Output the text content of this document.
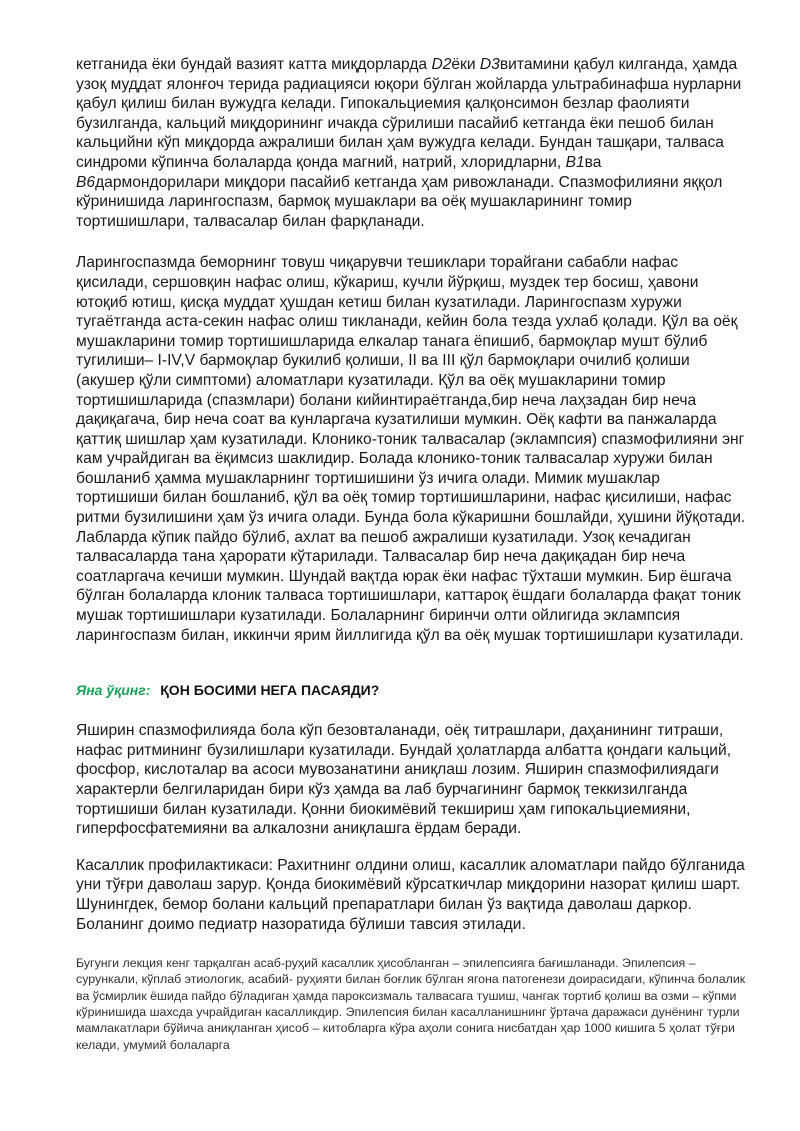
кетганида ёки бундай вазият катта миқдорларда D2ёки D3витамини қабул килганда, ҳамда узоқ муддат ялонғоч терида радиацияси юқори бўлган жойларда ультрабинафша нурларни қабул қилиш билан вужудга келади. Гипокальциемия қалқонсимон безлар фаолияти бузилганда, кальций миқдорининг ичакда сўрилиши пасайиб кетганда ёки пешоб билан кальцийни кўп миқдорда ажралиши билан ҳам вужудга келади. Бундан ташқари, талваса синдроми кўпинча болаларда қонда магний, натрий, хлоридларни, B1ва B6дармондорилари миқдори пасайиб кетганда ҳам ривожланади. Спазмофилияни яққол кўринишида ларингоспазм, бармоқ мушаклари ва оёқ мушакларининг томир тортишишлари, талвасалар билан фарқланади.

Ларингоспазмда беморнинг товуш чиқарувчи тешиклари торайгани сабабли нафас қисилади, сершовқин нафас олиш, кўкариш, кучли йўрқиш, муздек тер босиш, ҳавони ютоқиб ютиш, қисқа муддат ҳушдан кетиш билан кузатилади. Ларингоспазм хуружи тугаётганда аста-секин нафас олиш тикланади, кейин бола тезда ухлаб қолади. Қўл ва оёқ мушакларини томир тортишишларида елкалар танага ёпишиб, бармоқлар мушт бўлиб тугилиши– I-IV,V бармоқлар букилиб қолиши, II ва III қўл бармоқлари очилиб қолиши (акушер қўли симптоми) аломатлари кузатилади. Қўл ва оёқ мушакларини томир тортишишларида (спазмлари) болани кийинтираётганда,бир неча лаҳзадан бир неча дақиқагача, бир неча соат ва кунларгача кузатилиши мумкин. Оёқ кафти ва панжаларда қаттиқ шишлар ҳам кузатилади. Клонико-тоник талвасалар (эклампсия) спазмофилияни энг кам учрайдиган ва ёқимсиз шаклидир. Болада клонико-тоник талвасалар хуружи билан бошланиб ҳамма мушакларнинг тортишишини ўз ичига олади. Мимик мушаклар тортишиши билан бошланиб, қўл ва оёқ томир тортишишларини, нафас қисилиши, нафас ритми бузилишини ҳам ўз ичига олади. Бунда бола кўкаришни бошлайди, ҳушини йўқотади. Лабларда кўпик пайдо бўлиб, ахлат ва пешоб ажралиши кузатилади. Узоқ кечадиган талвасаларда тана ҳарорати кўтарилади. Талвасалар бир неча дақиқадан бир неча соатларгача кечиши мумкин. Шундай вақтда юрак ёки нафас тўхташи мумкин. Бир ёшгача бўлган болаларда клоник талваса тортишишлари, каттароқ ёшдаги болаларда фақат тоник мушак тортишишлари кузатилади. Болаларнинг биринчи олти ойлигида эклампсия ларингоспазм билан, иккинчи ярим йиллигида қўл ва оёқ мушак тортишишлари кузатилади.

Яна ўқинг: ҚОН БОСИМИ НЕГА ПАСАЯДИ?

Яширин спазмофилияда бола кўп безовталанади, оёқ титрашлари, даҳанининг титраши, нафас ритмининг бузилишлари кузатилади. Бундай ҳолатларда албатта қондаги кальций, фосфор, кислоталар ва асоси мувозанатини аниқлаш лозим. Яширин спазмофилиядаги характерли белгиларидан бири кўз ҳамда ва лаб бурчагининг бармоқ теккизилганда тортишиши билан кузатилади. Қонни биокимёвий текшириш ҳам гипокальциемияни, гиперфосфатемияни ва алкалозни аниқлашга ёрдам беради.

Касаллик профилактикаси: Рахитнинг олдини олиш, касаллик аломатлари пайдо бўлганида уни тўғри даволаш зарур. Қонда биокимёвий кўрсаткичлар миқдорини назорат қилиш шарт. Шунингдек, бемор болани кальций препаратлари билан ўз вақтида даволаш даркор. Боланинг доимо педиатр назоратида бўлиши тавсия этилади.

Бугунги лекция кенг тарқалган асаб-руҳий касаллик ҳисобланган – эпилепсияга бағишланади. Эпилепсия – сурункали, кўплаб этиологик, асабий- руҳияти билан боғлик бўлган ягона патогенези доирасидаги, кўпинча болалик ва ўсмирлик ёшида пайдо бўладиган ҳамда пароксизмаль талвасага тушиш, чангак тортиб қолиш ва озми – кўпми кўринишида шахсда учрайдиган касалликдир. Эпилепсия билан касалланишнинг ўртача даражаси дунёнинг турли мамлакатлари бўйича аниқланган ҳисоб – китобларга кўра аҳоли сонига нисбатдан ҳар 1000 кишига 5 ҳолат тўғри келади, умумий болаларга
